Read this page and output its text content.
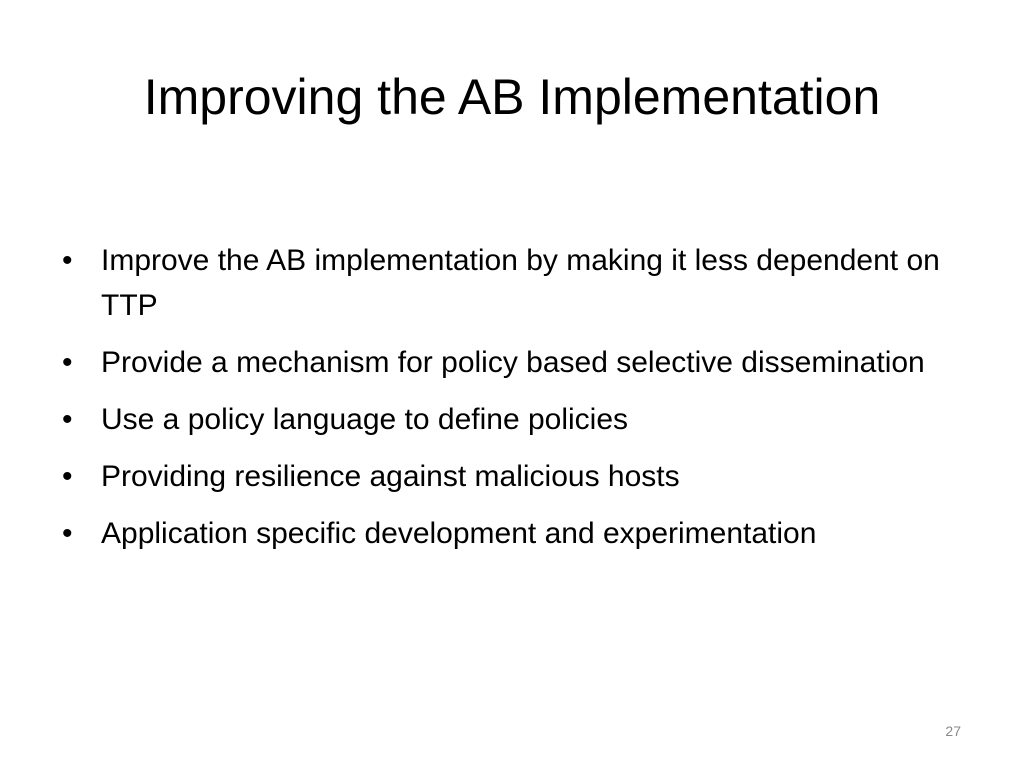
Improving the AB Implementation
• Improve the AB implementation by making it less dependent on TTP
• Provide a mechanism for policy based selective dissemination
• Use a policy language to define policies
• Providing resilience against malicious hosts
• Application specific development and experimentation
27
